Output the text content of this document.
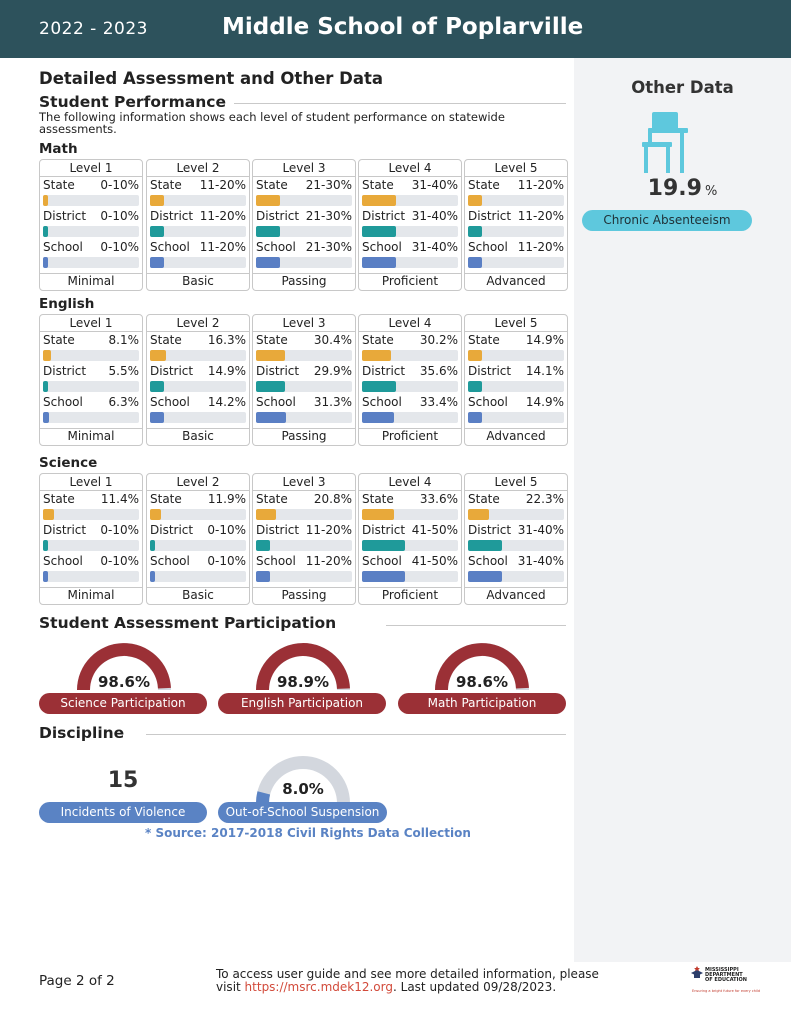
2022 - 2023	Middle School of Poplarville
Other Data
19.9 %
Chronic Absenteeism
Detailed Assessment and Other Data
Student Performance
The following information shows each level of student performance on statewide assessments.
Math
Level 1
State 0-10%
District 0-10%
School 0-10%
Minimal
Level 2
State 11-20%
District 11-20%
School 11-20%
Basic
Level 3
State 21-30%
District 21-30%
School 21-30%
Passing
Level 4
State 31-40%
District 31-40%
School 31-40%
Proficient
Level 5
State 11-20%
District 11-20%
School 11-20%
Advanced
English
Level 1
State	8.1%
District 5.5%
School 6.3%
Minimal
Level 2
State 16.3%
District 14.9%
School 14.2%
Basic
Level 3
State 30.4%
District 29.9%
School 31.3%
Passing
Level 4
State 30.2%
District 35.6%
School 33.4%
Proficient
Level 5
State 14.9%
District 14.1%
School 14.9%
Advanced
Science
Level 1
State 11.4%
District 0-10%
School 0-10%
Minimal
Level 2
State 11.9%
District 0-10%
School 0-10%
Basic
Level 3
State 20.8%
District 11-20%
School 11-20%
Passing
Level 4
State 33.6%
District 41-50%
School 41-50%
Proficient
Level 5
State 22.3%
District 31-40%
School 31-40%
Advanced
Student Assessment Participation
98.6%
Science Participation
98.9%
English Participation
98.6%
Math Participation
Discipline
15
Incidents of Violence
8.0%
Out-of-School Suspension
* Source: 2017-2018 Civil Rights Data Collection
Page 2 of 2	To access user guide and see more detailed information, please visit https://msrc.mdek12.org. Last updated 09/28/2023.
MISSISSIPPI DEPARTMENT OF EDUCATION
Ensuring a bright future for every child
